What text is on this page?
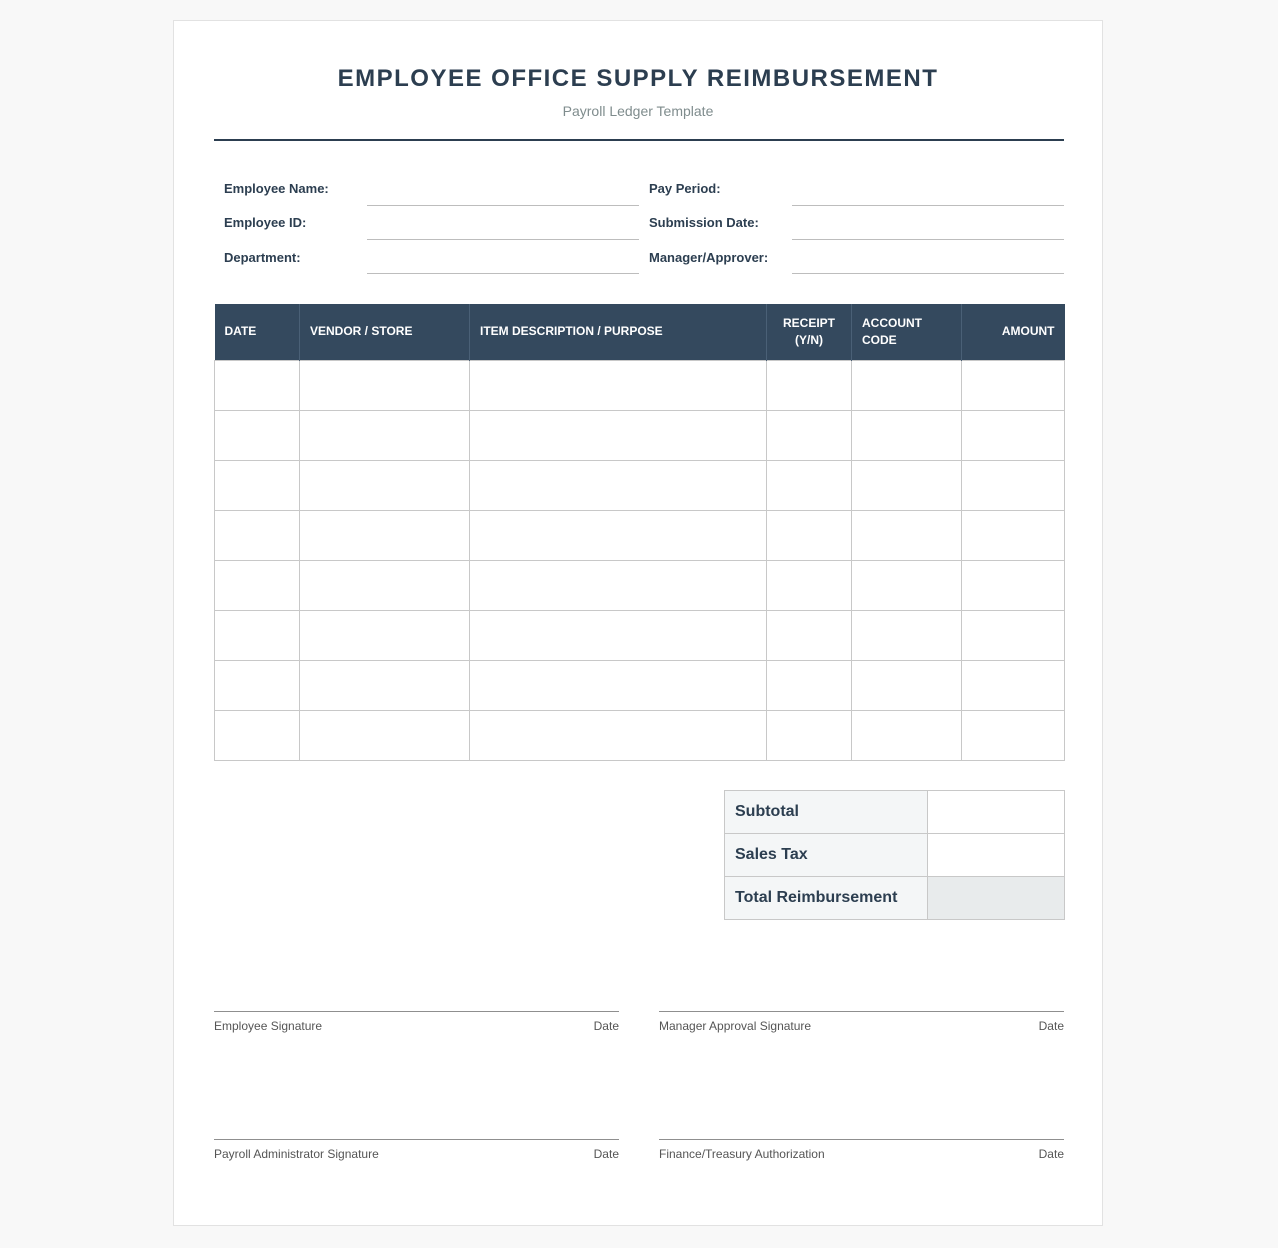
EMPLOYEE OFFICE SUPPLY REIMBURSEMENT
Payroll Ledger Template
Employee Name:
Employee ID:
Department:
Pay Period:
Submission Date:
Manager/Approver:
DATE	VENDOR / STORE	ITEM DESCRIPTION / PURPOSE	RECEIPT (Y/N)	ACCOUNT CODE	AMOUNT

Subtotal	
Sales Tax	
Total Reimbursement	
Employee Signature	Date	Manager Approval Signature	Date
Payroll Administrator Signature	Date	Finance/Treasury Authorization	Date
